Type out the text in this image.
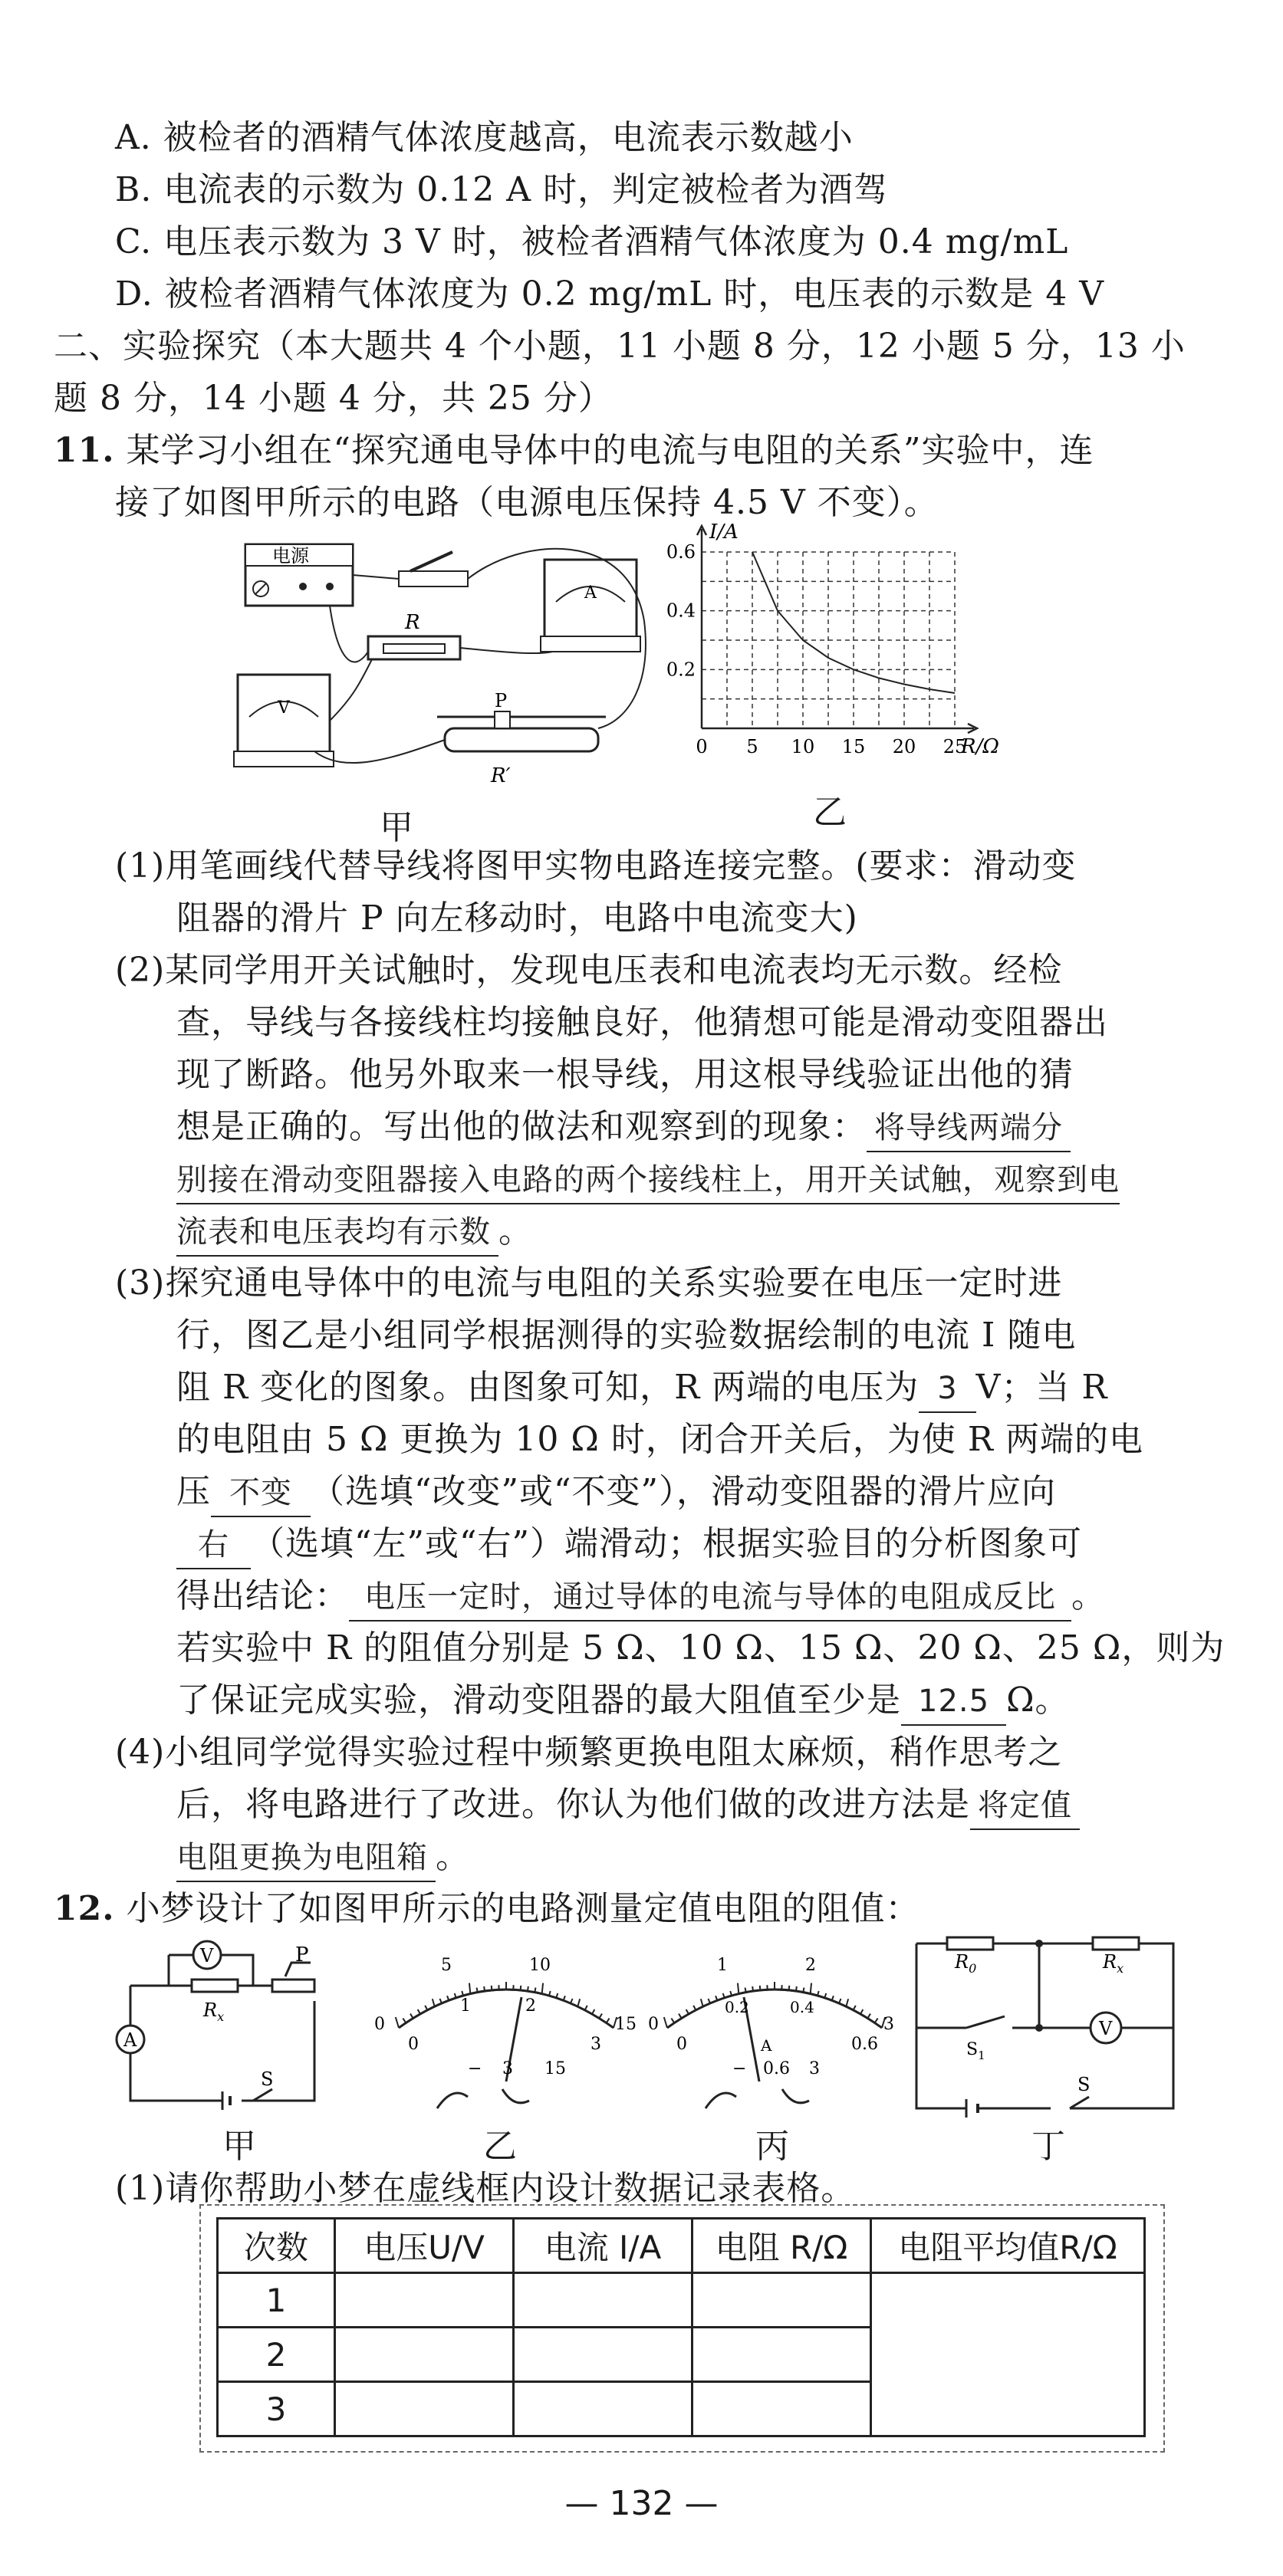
A. 被检者的酒精气体浓度越高，电流表示数越小
B. 电流表的示数为 0.12 A 时，判定被检者为酒驾
C. 电压表示数为 3 V 时，被检者酒精气体浓度为 0.4 mg/mL
D. 被检者酒精气体浓度为 0.2 mg/mL 时，电压表的示数是 4 V
二、实验探究（本大题共 4 个小题，11 小题 8 分，12 小题 5 分，13 小
题 8 分，14 小题 4 分，共 25 分）
11. 某学习小组在“探究通电导体中的电流与电阻的关系”实验中，连
接了如图甲所示的电路（电源电压保持 4.5 V 不变）。
电源
R
A
V	P
R′
甲
0 5 10 15 20 25
0.2
0.4
0.6
I/A
R/Ω
乙
(1)用笔画线代替导线将图甲实物电路连接完整。(要求：滑动变
阻器的滑片 P 向左移动时，电路中电流变大)
(2)某同学用开关试触时，发现电压表和电流表均无示数。经检
查，导线与各接线柱均接触良好，他猜想可能是滑动变阻器出
现了断路。他另外取来一根导线，用这根导线验证出他的猜
想是正确的。写出他的做法和观察到的现象： 将导线两端分
别接在滑动变阻器接入电路的两个接线柱上，用开关试触，观察到电
流表和电压表均有示数 。
(3)探究通电导体中的电流与电阻的关系实验要在电压一定时进
行，图乙是小组同学根据测得的实验数据绘制的电流 I 随电
阻 R 变化的图象。由图象可知，R 两端的电压为 3 V；当 R
的电阻由 5 Ω 更换为 10 Ω 时，闭合开关后，为使 R 两端的电
压 不变 （选填“改变”或“不变”），滑动变阻器的滑片应向
右 （选填“左”或“右”）端滑动；根据实验目的分析图象可
得出结论： 电压一定时，通过导体的电流与导体的电阻成反比 。
若实验中 R 的阻值分别是 5 Ω、10 Ω、15 Ω、20 Ω、25 Ω，则为
了保证完成实验，滑动变阻器的最大阻值至少是 12.5 Ω。
(4)小组同学觉得实验过程中频繁更换电阻太麻烦，稍作思考之
后，将电路进行了改进。你认为他们做的改进方法是 将定值
电阻更换为电阻箱 。
12. 小梦设计了如图甲所示的电路测量定值电阻的阻值：
A
V	P
$R_x$
S
甲
5	10
0	15
0
1	2
3
− 3 15
乙
1	2
0	3
0
0.2	0.4
0.6
A
− 0.6 3
丙
$R_0$	$R_x$
$S_1$
V
S
丁
(1)请你帮助小梦在虚线框内设计数据记录表格。
次数	电压U/V	电流 I/A	电阻 R/Ω	电阻平均值R/Ω
1				
2				
3				
— 132 —
